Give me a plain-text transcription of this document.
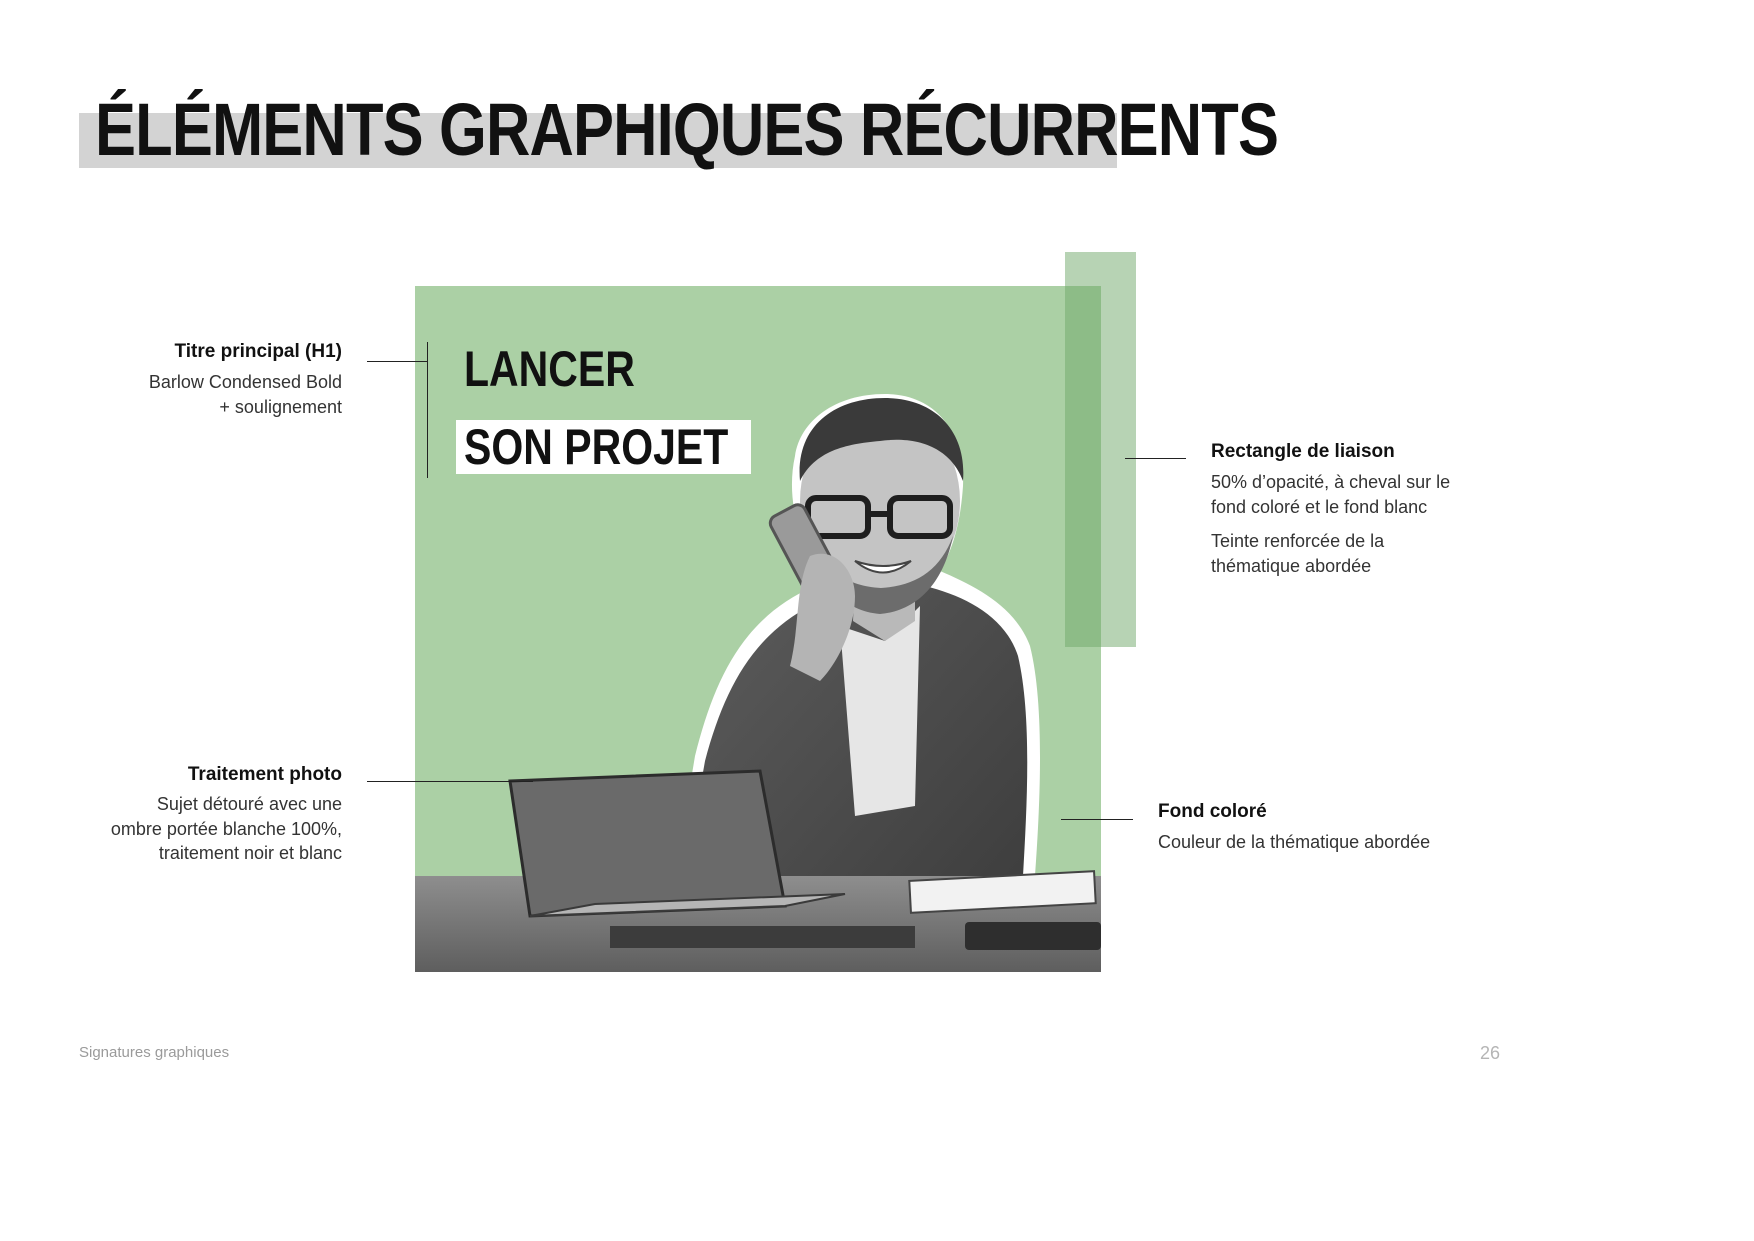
ÉLÉMENTS GRAPHIQUES RÉCURRENTS
LANCER
SON PROJET
Titre principal (H1)
Barlow Condensed Bold
+ soulignement
Traitement photo
Sujet détouré avec une
ombre portée blanche 100%,
traitement noir et blanc
Rectangle de liaison
50% d’opacité, à cheval sur le
fond coloré et le fond blanc
Teinte renforcée de la
thématique abordée
Fond coloré
Couleur de la thématique abordée
Signatures graphiques	26
